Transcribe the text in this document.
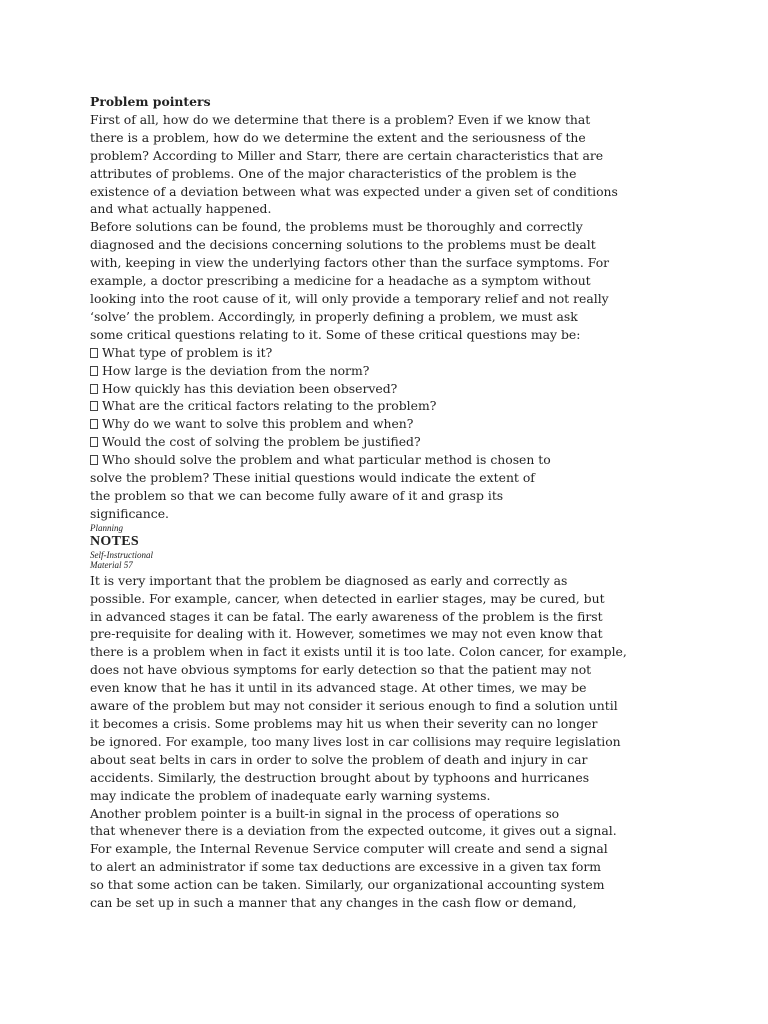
Problem pointers
First of all, how do we determine that there is a problem? Even if we know that
there is a problem, how do we determine the extent and the seriousness of the
problem? According to Miller and Starr, there are certain characteristics that are
attributes of problems. One of the major characteristics of the problem is the
existence of a deviation between what was expected under a given set of conditions
and what actually happened.
Before solutions can be found, the problems must be thoroughly and correctly
diagnosed and the decisions concerning solutions to the problems must be dealt
with, keeping in view the underlying factors other than the surface symptoms. For
example, a doctor prescribing a medicine for a headache as a symptom without
looking into the root cause of it, will only provide a temporary relief and not really
‘solve’ the problem. Accordingly, in properly defining a problem, we must ask
some critical questions relating to it. Some of these critical questions may be:
What type of problem is it?
How large is the deviation from the norm?
How quickly has this deviation been observed?
What are the critical factors relating to the problem?
Why do we want to solve this problem and when?
Would the cost of solving the problem be justified?
Who should solve the problem and what particular method is chosen to
solve the problem? These initial questions would indicate the extent of
the problem so that we can become fully aware of it and grasp its
significance.
Planning
NOTES
Self-Instructional
Material 57
It is very important that the problem be diagnosed as early and correctly as
possible. For example, cancer, when detected in earlier stages, may be cured, but
in advanced stages it can be fatal. The early awareness of the problem is the first
pre-requisite for dealing with it. However, sometimes we may not even know that
there is a problem when in fact it exists until it is too late. Colon cancer, for example,
does not have obvious symptoms for early detection so that the patient may not
even know that he has it until in its advanced stage. At other times, we may be
aware of the problem but may not consider it serious enough to find a solution until
it becomes a crisis. Some problems may hit us when their severity can no longer
be ignored. For example, too many lives lost in car collisions may require legislation
about seat belts in cars in order to solve the problem of death and injury in car
accidents. Similarly, the destruction brought about by typhoons and hurricanes
may indicate the problem of inadequate early warning systems.
Another problem pointer is a built-in signal in the process of operations so
that whenever there is a deviation from the expected outcome, it gives out a signal.
For example, the Internal Revenue Service computer will create and send a signal
to alert an administrator if some tax deductions are excessive in a given tax form
so that some action can be taken. Similarly, our organizational accounting system
can be set up in such a manner that any changes in the cash flow or demand,
